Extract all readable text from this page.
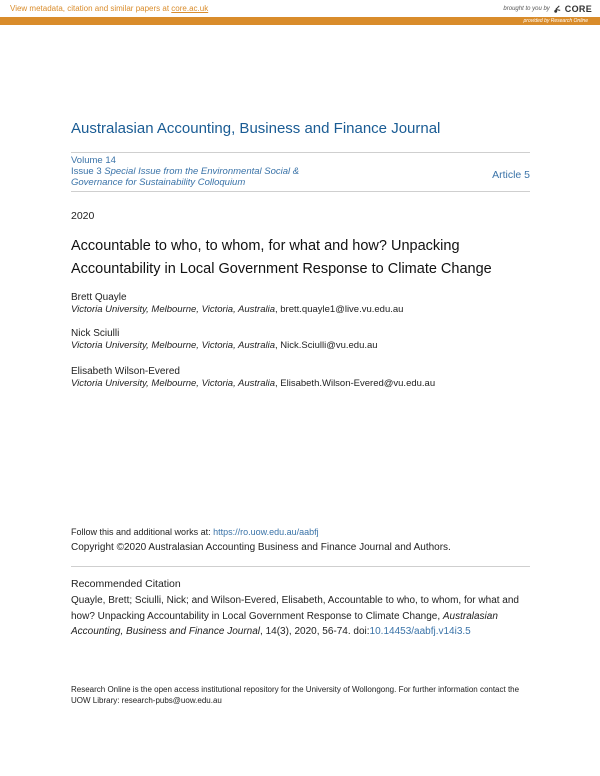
View metadata, citation and similar papers at core.ac.uk	brought to you by CORE
provided by Research Online
Australasian Accounting, Business and Finance Journal
Volume 14
Issue 3 Special Issue from the Environmental Social & Governance for Sustainability Colloquium
Article 5
2020
Accountable to who, to whom, for what and how? Unpacking Accountability in Local Government Response to Climate Change
Brett Quayle
Victoria University, Melbourne, Victoria, Australia, brett.quayle1@live.vu.edu.au
Nick Sciulli
Victoria University, Melbourne, Victoria, Australia, Nick.Sciulli@vu.edu.au
Elisabeth Wilson-Evered
Victoria University, Melbourne, Victoria, Australia, Elisabeth.Wilson-Evered@vu.edu.au
Follow this and additional works at: https://ro.uow.edu.au/aabfj
Copyright ©2020 Australasian Accounting Business and Finance Journal and Authors.
Recommended Citation
Quayle, Brett; Sciulli, Nick; and Wilson-Evered, Elisabeth, Accountable to who, to whom, for what and how? Unpacking Accountability in Local Government Response to Climate Change, Australasian Accounting, Business and Finance Journal, 14(3), 2020, 56-74. doi:10.14453/aabfj.v14i3.5
Research Online is the open access institutional repository for the University of Wollongong. For further information contact the UOW Library: research-pubs@uow.edu.au
